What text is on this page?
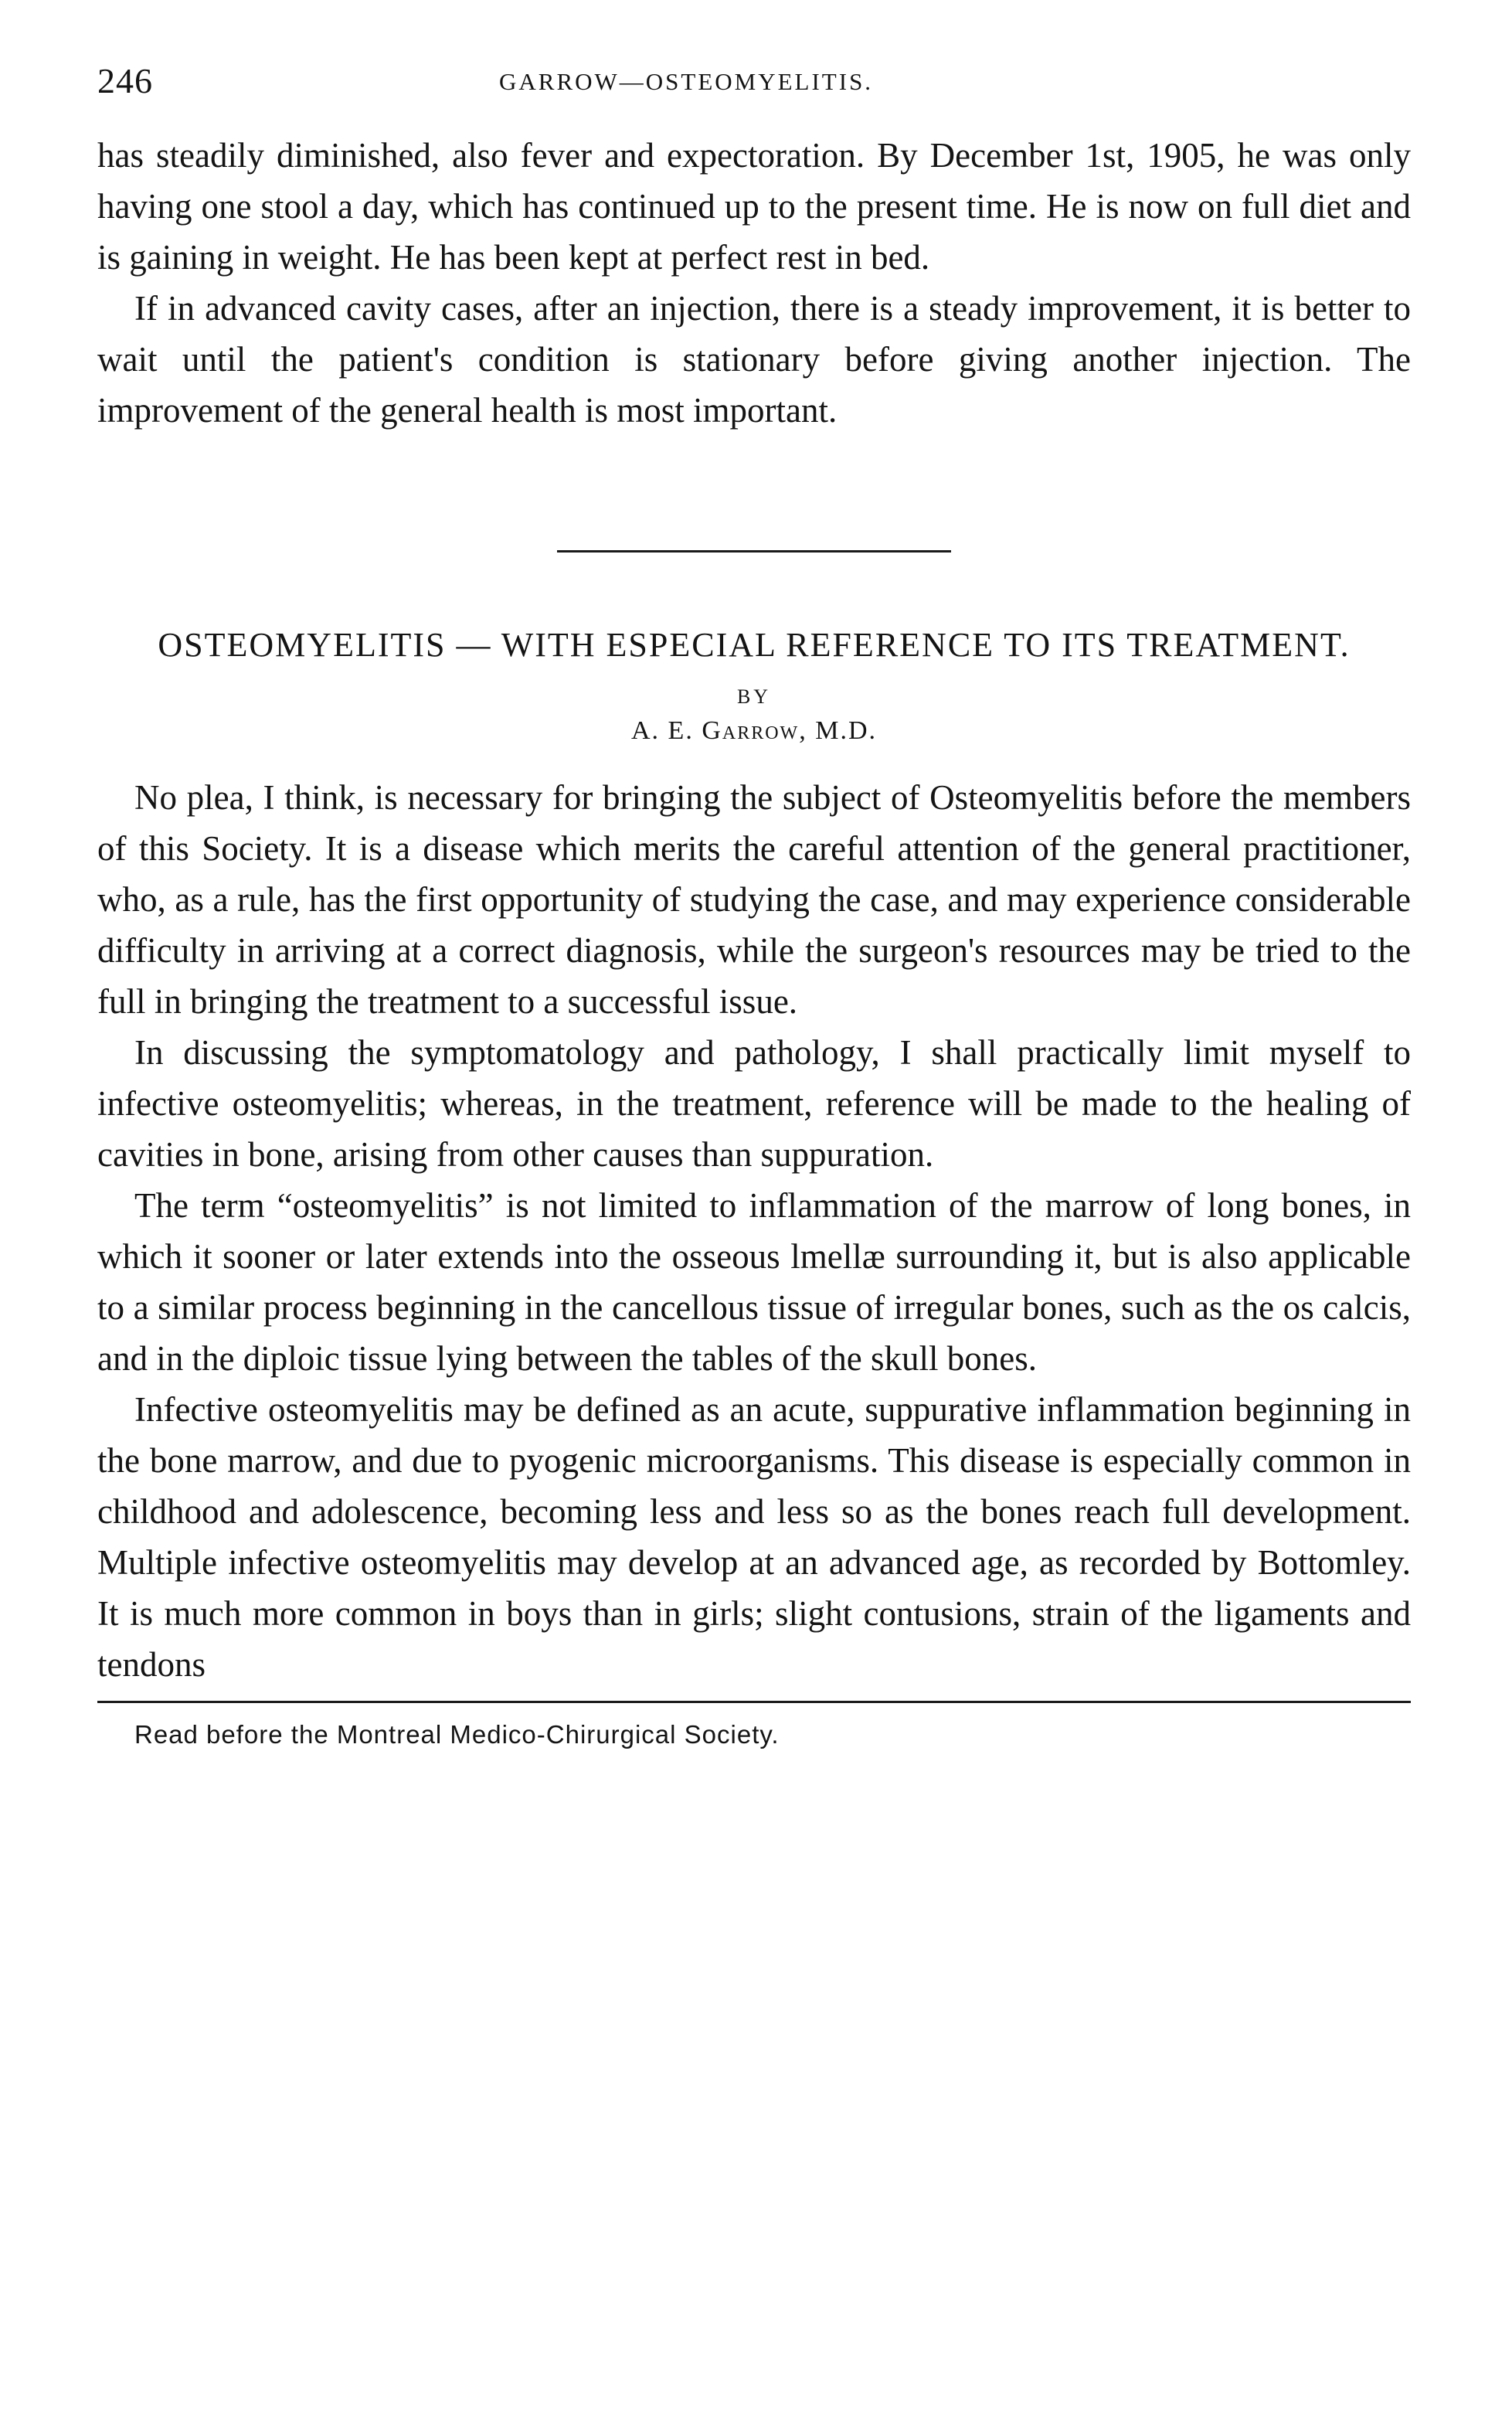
246	GARROW—OSTEOMYELITIS.

has steadily diminished, also fever and expectoration. By December 1st, 1905, he was only having one stool a day, which has continued up to the present time. He is now on full diet and is gaining in weight. He has been kept at perfect rest in bed.

If in advanced cavity cases, after an injection, there is a steady improvement, it is better to wait until the patient's condition is stationary before giving another injection. The improvement of the general health is most important.

OSTEOMYELITIS — WITH ESPECIAL REFERENCE TO ITS TREATMENT.
BY
A. E. Garrow, M.D.

No plea, I think, is necessary for bringing the subject of Osteomyelitis before the members of this Society. It is a disease which merits the careful attention of the general practitioner, who, as a rule, has the first opportunity of studying the case, and may experience considerable difficulty in arriving at a correct diagnosis, while the surgeon's resources may be tried to the full in bringing the treatment to a successful issue.

In discussing the symptomatology and pathology, I shall practically limit myself to infective osteomyelitis; whereas, in the treatment, reference will be made to the healing of cavities in bone, arising from other causes than suppuration.

The term “osteomyelitis” is not limited to inflammation of the marrow of long bones, in which it sooner or later extends into the osseous lmellæ surrounding it, but is also applicable to a similar process beginning in the cancellous tissue of irregular bones, such as the os calcis, and in the diploic tissue lying between the tables of the skull bones.

Infective osteomyelitis may be defined as an acute, suppurative inflammation beginning in the bone marrow, and due to pyogenic microorganisms. This disease is especially common in childhood and adolescence, becoming less and less so as the bones reach full development. Multiple infective osteomyelitis may develop at an advanced age, as recorded by Bottomley. It is much more common in boys than in girls; slight contusions, strain of the ligaments and tendons

Read before the Montreal Medico-Chirurgical Society.
